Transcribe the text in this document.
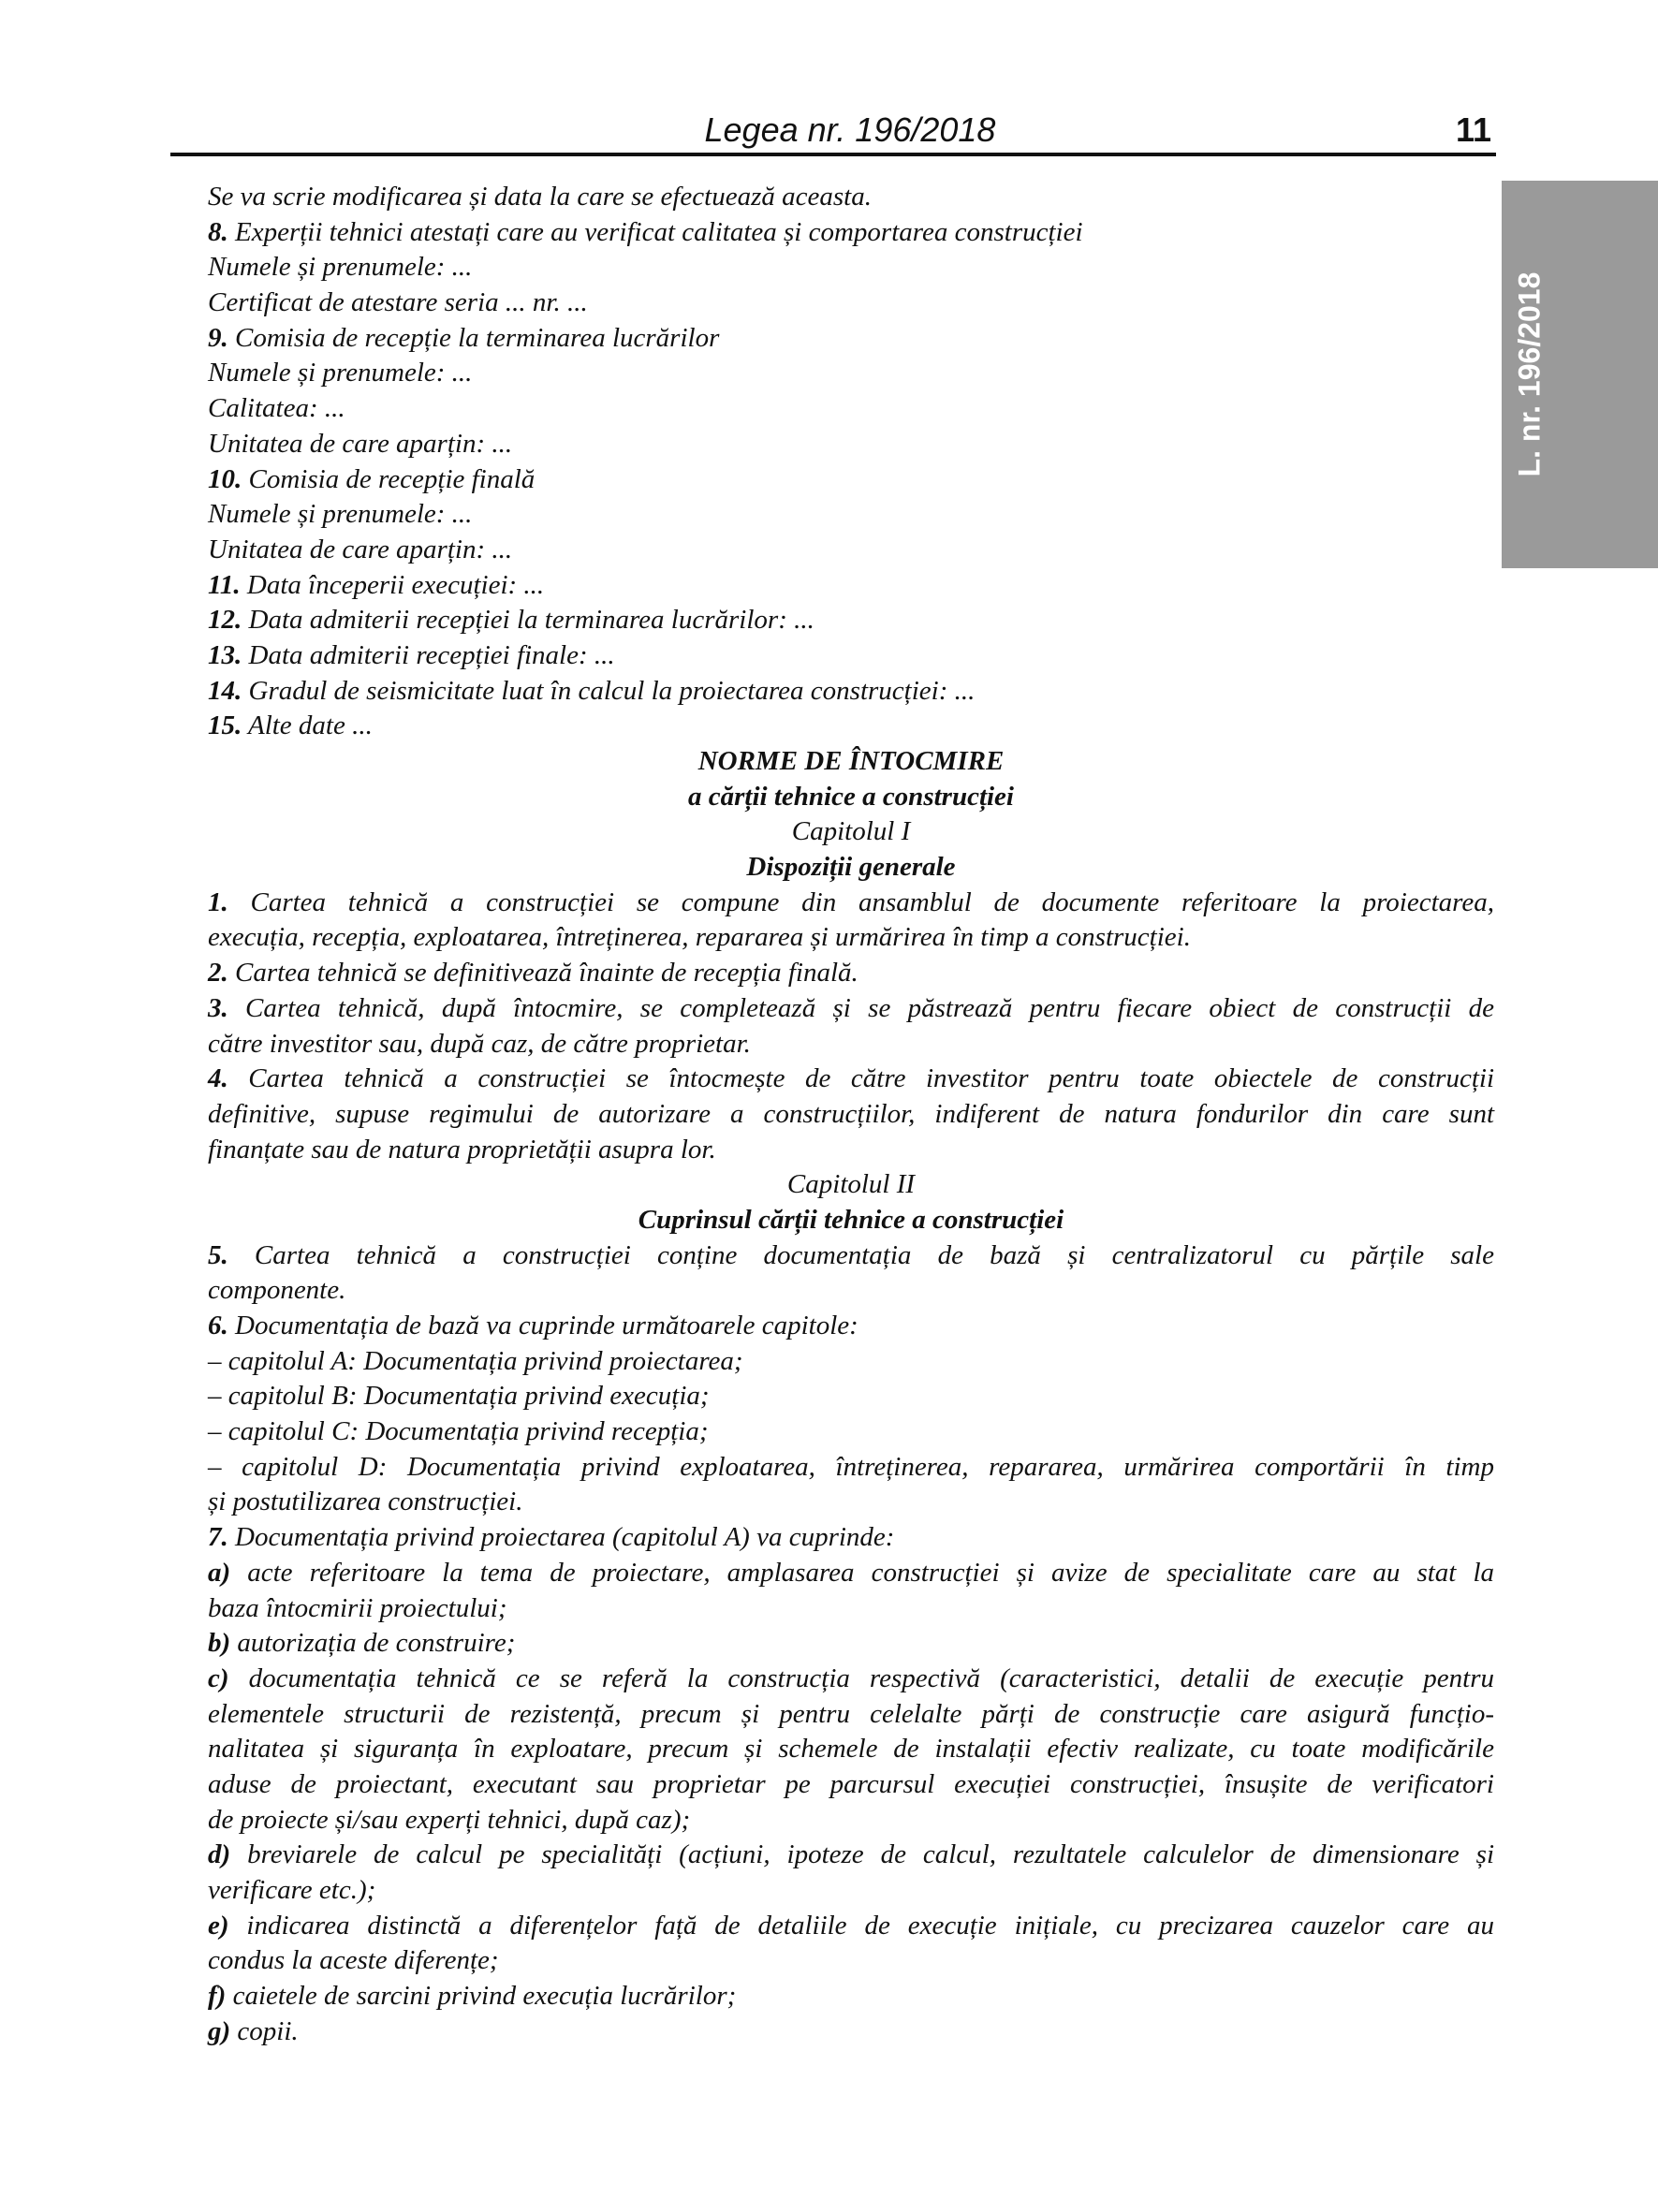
Legea nr. 196/2018	11
L. nr. 196/2018
Se va scrie modificarea și data la care se efectuează aceasta.
8. Experții tehnici atestați care au verificat calitatea și comportarea construcției
Numele și prenumele: ...
Certificat de atestare seria ... nr. ...
9. Comisia de recepție la terminarea lucrărilor
Numele și prenumele: ...
Calitatea: ...
Unitatea de care aparțin: ...
10. Comisia de recepție finală
Numele și prenumele: ...
Unitatea de care aparțin: ...
11. Data începerii execuției: ...
12. Data admiterii recepției la terminarea lucrărilor: ...
13. Data admiterii recepției finale: ...
14. Gradul de seismicitate luat în calcul la proiectarea construcției: ...
15. Alte date ...
NORME DE ÎNTOCMIRE
a cărții tehnice a construcției
Capitolul I
Dispoziții generale
1. Cartea tehnică a construcției se compune din ansamblul de documente referitoare la proiectarea,
execuția, recepția, exploatarea, întreținerea, repararea și urmărirea în timp a construcției.
2. Cartea tehnică se definitivează înainte de recepția finală.
3. Cartea tehnică, după întocmire, se completează și se păstrează pentru fiecare obiect de construcții de
către investitor sau, după caz, de către proprietar.
4. Cartea tehnică a construcției se întocmește de către investitor pentru toate obiectele de construcții
definitive, supuse regimului de autorizare a construcțiilor, indiferent de natura fondurilor din care sunt
finanțate sau de natura proprietății asupra lor.
Capitolul II
Cuprinsul cărții tehnice a construcției
5. Cartea tehnică a construcției conține documentația de bază și centralizatorul cu părțile sale
componente.
6. Documentația de bază va cuprinde următoarele capitole:
– capitolul A: Documentația privind proiectarea;
– capitolul B: Documentația privind execuția;
– capitolul C: Documentația privind recepția;
– capitolul D: Documentația privind exploatarea, întreținerea, repararea, urmărirea comportării în timp
și postutilizarea construcției.
7. Documentația privind proiectarea (capitolul A) va cuprinde:
a) acte referitoare la tema de proiectare, amplasarea construcției și avize de specialitate care au stat la
baza întocmirii proiectului;
b) autorizația de construire;
c) documentația tehnică ce se referă la construcția respectivă (caracteristici, detalii de execuție pentru
elementele structurii de rezistență, precum și pentru celelalte părți de construcție care asigură funcțio-
nalitatea și siguranța în exploatare, precum și schemele de instalații efectiv realizate, cu toate modificările
aduse de proiectant, executant sau proprietar pe parcursul execuției construcției, însușite de verificatori
de proiecte și/sau experți tehnici, după caz);
d) breviarele de calcul pe specialități (acțiuni, ipoteze de calcul, rezultatele calculelor de dimensionare și
verificare etc.);
e) indicarea distinctă a diferențelor față de detaliile de execuție inițiale, cu precizarea cauzelor care au
condus la aceste diferențe;
f) caietele de sarcini privind execuția lucrărilor;
g) copii.
